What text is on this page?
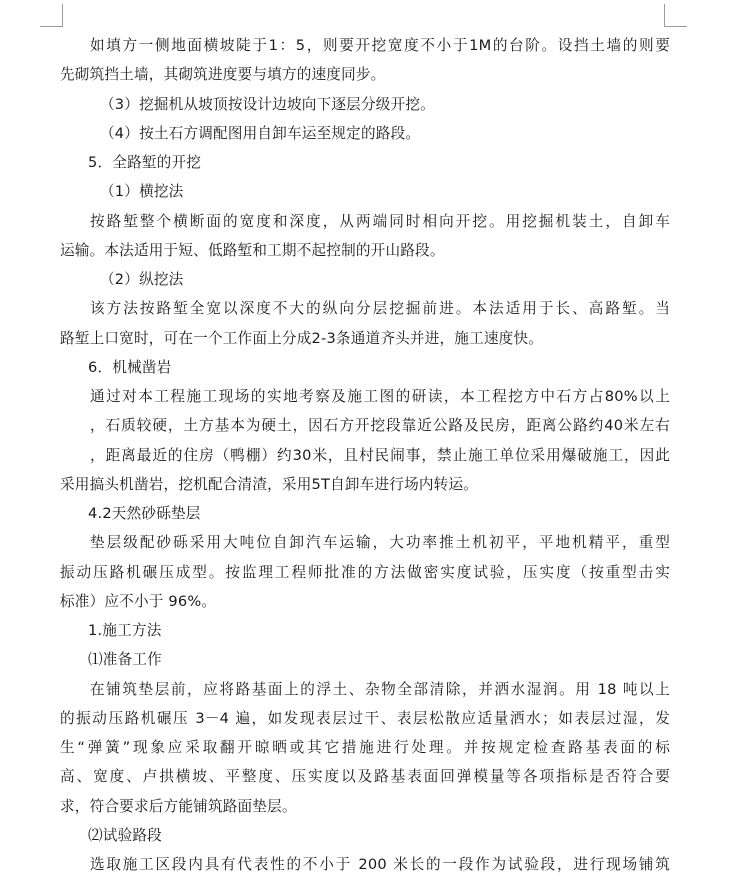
如填方一侧地面横坡陡于1：5，则要开挖宽度不小于1M的台阶。设挡土墙的则要
先砌筑挡土墙，其砌筑进度要与填方的速度同步。
（3）挖掘机从坡顶按设计边坡向下逐层分级开挖。
（4）按土石方调配图用自卸车运至规定的路段。
5．全路堑的开挖
（1）横挖法
按路堑整个横断面的宽度和深度，从两端同时相向开挖。用挖掘机装土，自卸车
运输。本法适用于短、低路堑和工期不起控制的开山路段。
（2）纵挖法
该方法按路堑全宽以深度不大的纵向分层挖掘前进。本法适用于长、高路堑。当
路堑上口宽时，可在一个工作面上分成2-3条通道齐头并进，施工速度快。
6．机械凿岩
通过对本工程施工现场的实地考察及施工图的研读，本工程挖方中石方占80%以上
，石质较硬，土方基本为硬土，因石方开挖段靠近公路及民房，距离公路约40米左右
，距离最近的住房（鸭棚）约30米，且村民闹事，禁止施工单位采用爆破施工，因此
采用搞头机凿岩，挖机配合清渣，采用5T自卸车进行场内转运。
4.2天然砂砾垫层
垫层级配砂砾采用大吨位自卸汽车运输，大功率推土机初平，平地机精平，重型
振动压路机碾压成型。按监理工程师批准的方法做密实度试验，压实度（按重型击实
标准）应不小于 96%。
1.施工方法
⑴准备工作
在铺筑垫层前，应将路基面上的浮土、杂物全部清除，并洒水湿润。用 18 吨以上
的振动压路机碾压 3－4 遍，如发现表层过干、表层松散应适量洒水；如表层过湿，发
生“弹簧”现象应采取翻开晾晒或其它措施进行处理。并按规定检查路基表面的标
高、宽度、卢拱横坡、平整度、压实度以及路基表面回弹模量等各项指标是否符合要
求，符合要求后方能铺筑路面垫层。
⑵试验路段
选取施工区段内具有代表性的不小于 200 米长的一段作为试验段，进行现场铺筑
